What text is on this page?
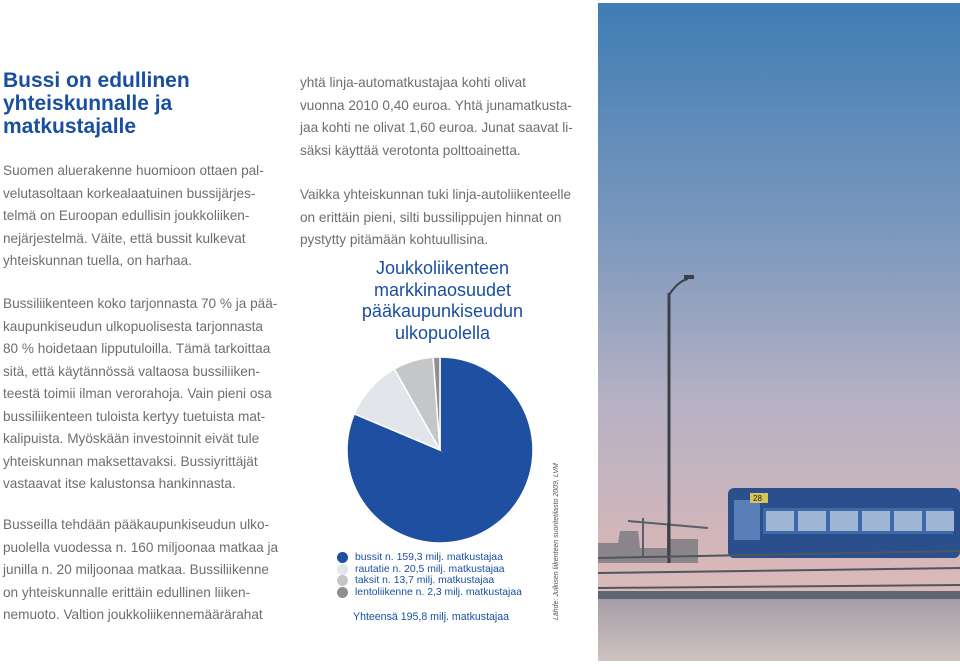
Bussi on edullinen
yhteiskunnalle ja
matkustajalle

Suomen aluerakenne huomioon ottaen pal-
velutasoltaan korkealaatuinen bussijärjes-
telmä on Euroopan edullisin joukkoliiken-
nejärjestelmä. Väite, että bussit kulkevat
yhteiskunnan tuella, on harhaa.

Bussiliikenteen koko tarjonnasta 70 % ja pää-
kaupunkiseudun ulkopuolisesta tarjonnasta
80 % hoidetaan lipputuloilla. Tämä tarkoittaa
sitä, että käytännössä valtaosa bussiliiken-
teestä toimii ilman verorahoja. Vain pieni osa
bussiliikenteen tuloista kertyy tuetuista mat-
kalipuista. Myöskään investoinnit eivät tule
yhteiskunnan maksettavaksi. Bussiyrittäjät
vastaavat itse kalustonsa hankinnasta.

Busseilla tehdään pääkaupunkiseudun ulko-
puolella vuodessa n. 160 miljoonaa matkaa ja
junilla n. 20 miljoonaa matkaa. Bussiliikenne
on yhteiskunnalle erittäin edullinen liiken-
nemuoto. Valtion joukkoliikennemäärärahat

yhtä linja-automatkustajaa kohti olivat
vuonna 2010 0,40 euroa. Yhtä junamatkusta-
jaa kohti ne olivat 1,60 euroa. Junat saavat li-
säksi käyttää verotonta polttoainetta.

Vaikka yhteiskunnan tuki linja-autoliikenteelle
on erittäin pieni, silti bussilippujen hinnat on
pystytty pitämään kohtuullisina.

Joukkoliikenteen
markkinaosuudet
pääkaupunkiseudun
ulkopuolella
bussit n. 159,3 milj. matkustajaa
rautatie n. 20,5 milj. matkustajaa
taksit n. 13,7 milj. matkustajaa
lentoliikenne n. 2,3 milj. matkustajaa
Yhteensä 195,8 milj. matkustajaa	Lähde: Julkisen liikenteen suoritetilasto 2009, LVM	28
